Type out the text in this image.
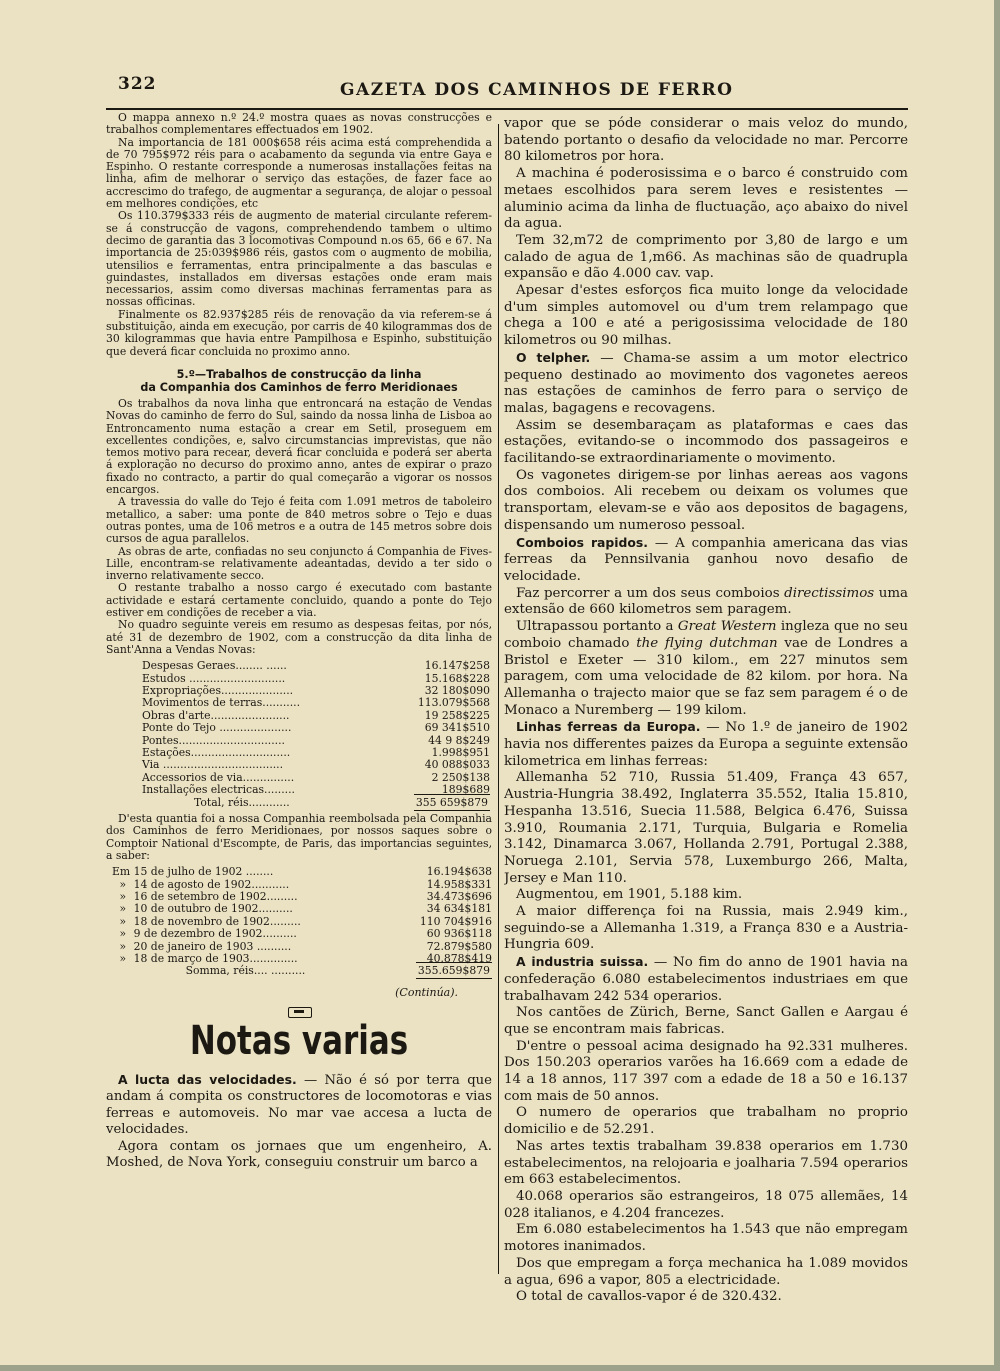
322	GAZETA DOS CAMINHOS DE FERRO

O mappa annexo n.º 24.º mostra quaes as novas construcções e trabalhos complementares effectuados em 1902.

Na importancia de 181 000$658 réis acima está comprehendida a de 70 795$972 réis para o acabamento da segunda via entre Gaya e Espinho. O restante corresponde a numerosas installações feitas na linha, afim de melhorar o serviço das estações, de fazer face ao accrescimo do trafego, de augmentar a segurança, de alojar o pessoal em melhores condições, etc

Os 110.379$333 réis de augmento de material circulante referem-se á construcção de vagons, comprehendendo tambem o ultimo decimo de garantia das 3 locomotivas Compound n.os 65, 66 e 67. Na importancia de 25:039$986 réis, gastos com o augmento de mobilia, utensilios e ferramentas, entra principalmente a das basculas e guindastes, installados em diversas estações onde eram mais necessarios, assim como diversas machinas ferramentas para as nossas officinas.

Finalmente os 82.937$285 réis de renovação da via referem-se á substituição, ainda em execução, por carris de 40 kilogrammas dos de 30 kilogrammas que havia entre Pampilhosa e Espinho, substituição que deverá ficar concluida no proximo anno.

5.º—Trabalhos de construcção da linha
da Companhia dos Caminhos de ferro Meridionaes

Os trabalhos da nova linha que entroncará na estação de Vendas Novas do caminho de ferro do Sul, saindo da nossa linha de Lisboa ao Entroncamento numa estação a crear em Setil, proseguem em excellentes condições, e, salvo circumstancias imprevistas, que não temos motivo para recear, deverá ficar concluida e poderá ser aberta á exploração no decurso do proximo anno, antes de expirar o prazo fixado no contracto, a partir do qual começarão a vigorar os nossos encargos.

A travessia do valle do Tejo é feita com 1.091 metros de taboleiro metallico, a saber: uma ponte de 840 metros sobre o Tejo e duas outras pontes, uma de 106 metros e a outra de 145 metros sobre dois cursos de agua parallelos.

As obras de arte, confiadas no seu conjuncto á Companhia de Fives-Lille, encontram-se relativamente adeantadas, devido a ter sido o inverno relativamente secco.

O restante trabalho a nosso cargo é executado com bastante actividade e estará certamente concluido, quando a ponte do Tejo estiver em condições de receber a via.

No quadro seguinte vereis em resumo as despesas feitas, por nós, até 31 de dezembro de 1902, com a construcção da dita linha de Sant'Anna a Vendas Novas:

Despesas Geraes........ ......	16.147$258
Estudos ............................	15.168$228
Expropriações.....................	32 180$090
Movimentos de terras...........	113.079$568
Obras d'arte.......................	19 258$225
Ponte do Tejo .....................	69 341$510
Pontes...............................	44 9 8$249
Estações.............................	1.998$951
Via ...................................	40 088$033
Accessorios de via...............	2 250$138
Installações electricas.........	189$689
Total, réis............	355 659$879

D'esta quantia foi a nossa Companhia reembolsada pela Companhia dos Caminhos de ferro Meridionaes, por nossos saques sobre o Comptoir National d'Escompte, de Paris, das importancias seguintes, a saber:

Em	15 de julho de 1902 ........	16.194$638
»	14 de agosto de 1902...........	14.958$331
»	16 de setembro de 1902.........	34.473$696
»	10 de outubro de 1902..........	34 634$181
»	18 de novembro de 1902.........	110 704$916
»	9 de dezembro de 1902..........	60 936$118
»	20 de janeiro de 1903 ..........	72.879$580
»	18 de março de 1903..............	40.878$419
	Somma, réis.... ..........	355.659$879
(Continúa).
Notas varias

A lucta das velocidades. — Não é só por terra que andam á compita os constructores de locomotoras e vias ferreas e automoveis. No mar vae accesa a lucta de velocidades.

Agora contam os jornaes que um engenheiro, A. Moshed, de Nova York, conseguiu construir um barco a

vapor que se póde considerar o mais veloz do mundo, batendo portanto o desafio da velocidade no mar. Percorre 80 kilometros por hora.

A machina é poderosissima e o barco é construido com metaes escolhidos para serem leves e resistentes —aluminio acima da linha de fluctuação, aço abaixo do nivel da agua.

Tem 32,m72 de comprimento por 3,80 de largo e um calado de agua de 1,m66. As machinas são de quadrupla expansão e dão 4.000 cav. vap.

Apesar d'estes esforços fica muito longe da velocidade d'um simples automovel ou d'um trem relampago que chega a 100 e até a perigosissima velocidade de 180 kilometros ou 90 milhas.

O telpher. — Chama-se assim a um motor electrico pequeno destinado ao movimento dos vagonetes aereos nas estações de caminhos de ferro para o serviço de malas, bagagens e recovagens.

Assim se desembaraçam as plataformas e caes das estações, evitando-se o incommodo dos passageiros e facilitando-se extraordinariamente o movimento.

Os vagonetes dirigem-se por linhas aereas aos vagons dos comboios. Ali recebem ou deixam os volumes que transportam, elevam-se e vão aos depositos de bagagens, dispensando um numeroso pessoal.

Comboios rapidos. — A companhia americana das vias ferreas da Pennsilvania ganhou novo desafio de velocidade.

Faz percorrer a um dos seus comboios directissimos uma extensão de 660 kilometros sem paragem.

Ultrapassou portanto a Great Western ingleza que no seu comboio chamado the flying dutchman vae de Londres a Bristol e Exeter — 310 kilom., em 227 minutos sem paragem, com uma velocidade de 82 kilom. por hora. Na Allemanha o trajecto maior que se faz sem paragem é o de Monaco a Nuremberg — 199 kilom.

Linhas ferreas da Europa. — No 1.º de janeiro de 1902 havia nos differentes paizes da Europa a seguinte extensão kilometrica em linhas ferreas:

Allemanha 52 710, Russia 51.409, França 43 657, Austria-Hungria 38.492, Inglaterra 35.552, Italia 15.810, Hespanha 13.516, Suecia 11.588, Belgica 6.476, Suissa 3.910, Roumania 2.171, Turquia, Bulgaria e Romelia 3.142, Dinamarca 3.067, Hollanda 2.791, Portugal 2.388, Noruega 2.101, Servia 578, Luxemburgo 266, Malta, Jersey e Man 110.

Augmentou, em 1901, 5.188 kim.

A maior differença foi na Russia, mais 2.949 kim., seguindo-se a Allemanha 1.319, a França 830 e a Austria-Hungria 609.

A industria suissa. — No fim do anno de 1901 havia na confederação 6.080 estabelecimentos industriaes em que trabalhavam 242 534 operarios.

Nos cantões de Zürich, Berne, Sanct Gallen e Aargau é que se encontram mais fabricas.

D'entre o pessoal acima designado ha 92.331 mulheres. Dos 150.203 operarios varões ha 16.669 com a edade de 14 a 18 annos, 117 397 com a edade de 18 a 50 e 16.137 com mais de 50 annos.

O numero de operarios que trabalham no proprio domicilio e de 52.291.

Nas artes textis trabalham 39.838 operarios em 1.730 estabelecimentos, na relojoaria e joalharia 7.594 operarios em 663 estabelecimentos.

40.068 operarios são estrangeiros, 18 075 allemães, 14 028 italianos, e 4.204 francezes.

Em 6.080 estabelecimentos ha 1.543 que não empregam motores inanimados.

Dos que empregam a força mechanica ha 1.089 movidos a agua, 696 a vapor, 805 a electricidade.

O total de cavallos-vapor é de 320.432.
